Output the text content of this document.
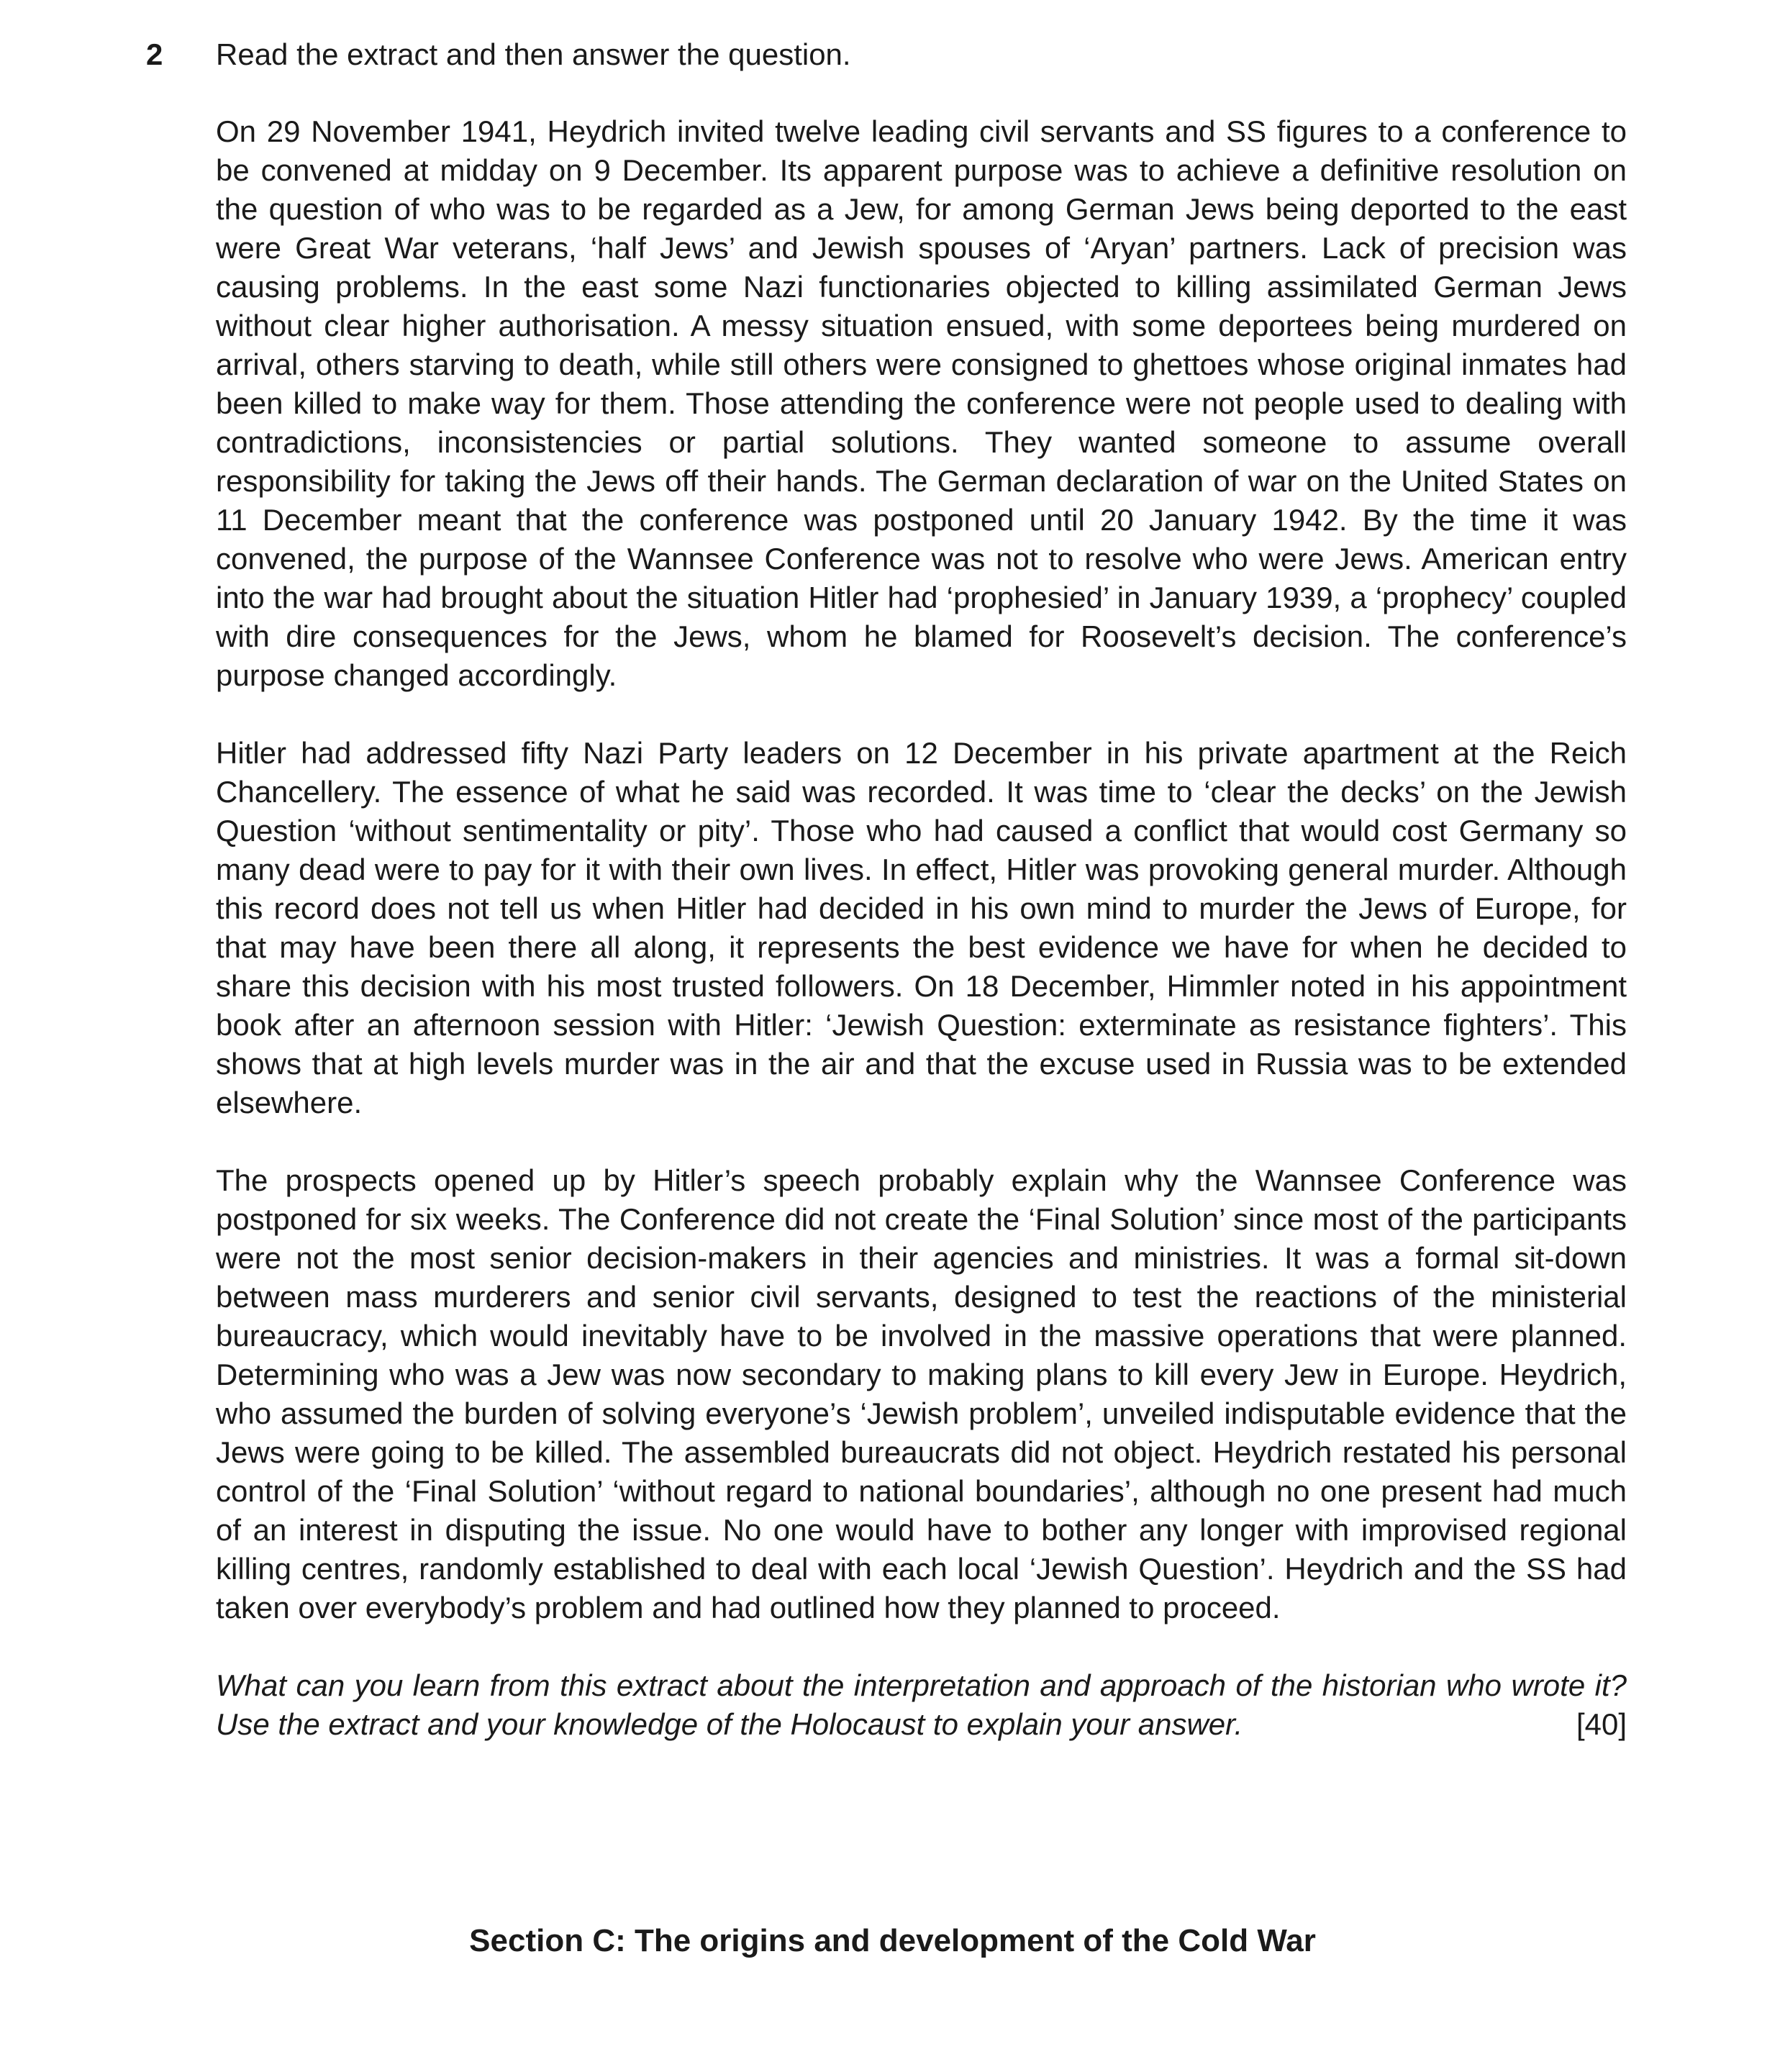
2 Read the extract and then answer the question.

On 29 November 1941, Heydrich invited twelve leading civil servants and SS figures to a conference to be convened at midday on 9 December. Its apparent purpose was to achieve a definitive resolution on the question of who was to be regarded as a Jew, for among German Jews being deported to the east were Great War veterans, ‘half Jews’ and Jewish spouses of ‘Aryan’ partners. Lack of precision was causing problems. In the east some Nazi functionaries objected to killing assimilated German Jews without clear higher authorisation. A messy situation ensued, with some deportees being murdered on arrival, others starving to death, while still others were consigned to ghettoes whose original inmates had been killed to make way for them. Those attending the conference were not people used to dealing with contradictions, inconsistencies or partial solutions. They wanted someone to assume overall responsibility for taking the Jews off their hands. The German declaration of war on the United States on 11 December meant that the conference was postponed until 20 January 1942. By the time it was convened, the purpose of the Wannsee Conference was not to resolve who were Jews. American entry into the war had brought about the situation Hitler had ‘prophesied’ in January 1939, a ‘prophecy’ coupled with dire consequences for the Jews, whom he blamed for Roosevelt’s decision. The conference’s purpose changed accordingly.

Hitler had addressed fifty Nazi Party leaders on 12 December in his private apartment at the Reich Chancellery. The essence of what he said was recorded. It was time to ‘clear the decks’ on the Jewish Question ‘without sentimentality or pity’. Those who had caused a conflict that would cost Germany so many dead were to pay for it with their own lives. In effect, Hitler was provoking general murder. Although this record does not tell us when Hitler had decided in his own mind to murder the Jews of Europe, for that may have been there all along, it represents the best evidence we have for when he decided to share this decision with his most trusted followers. On 18 December, Himmler noted in his appointment book after an afternoon session with Hitler: ‘Jewish Question: exterminate as resistance fighters’. This shows that at high levels murder was in the air and that the excuse used in Russia was to be extended elsewhere.

The prospects opened up by Hitler’s speech probably explain why the Wannsee Conference was postponed for six weeks. The Conference did not create the ‘Final Solution’ since most of the participants were not the most senior decision-makers in their agencies and ministries. It was a formal sit-down between mass murderers and senior civil servants, designed to test the reactions of the ministerial bureaucracy, which would inevitably have to be involved in the massive operations that were planned. Determining who was a Jew was now secondary to making plans to kill every Jew in Europe. Heydrich, who assumed the burden of solving everyone’s ‘Jewish problem’, unveiled indisputable evidence that the Jews were going to be killed. The assembled bureaucrats did not object. Heydrich restated his personal control of the ‘Final Solution’ ‘without regard to national boundaries’, although no one present had much of an interest in disputing the issue. No one would have to bother any longer with improvised regional killing centres, randomly established to deal with each local ‘Jewish Question’. Heydrich and the SS had taken over everybody’s problem and had outlined how they planned to proceed.

What can you learn from this extract about the interpretation and approach of the historian who wrote it? Use the extract and your knowledge of the Holocaust to explain your answer.	[40]

Section C: The origins and development of the Cold War
